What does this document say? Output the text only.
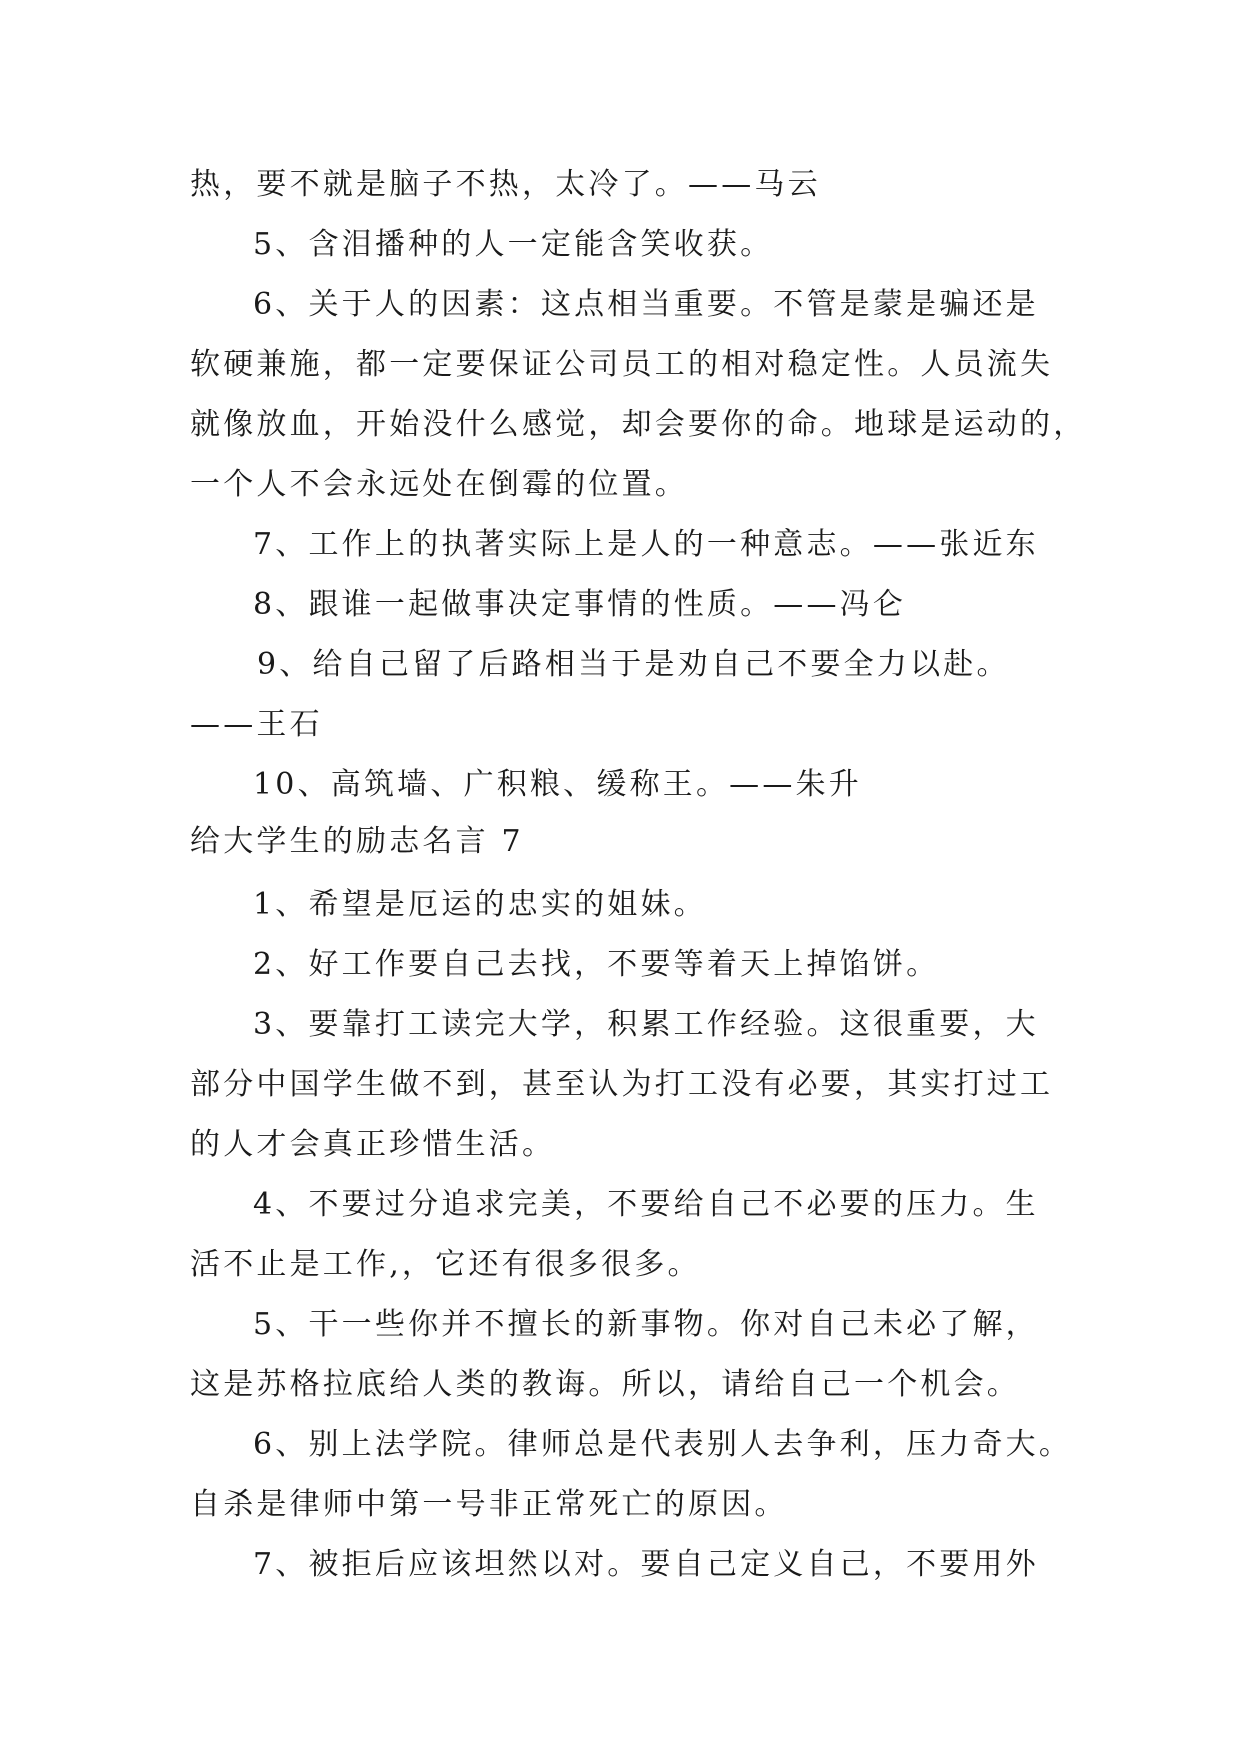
热，要不就是脑子不热，太冷了。——马云
5、含泪播种的人一定能含笑收获。
6、关于人的因素：这点相当重要。不管是蒙是骗还是
软硬兼施，都一定要保证公司员工的相对稳定性。人员流失
就像放血，开始没什么感觉，却会要你的命。地球是运动的，
一个人不会永远处在倒霉的位置。
7、工作上的执著实际上是人的一种意志。——张近东
8、跟谁一起做事决定事情的性质。——冯仑
9、给自己留了后路相当于是劝自己不要全力以赴。
——王石
10、高筑墙、广积粮、缓称王。——朱升
给大学生的励志名言 7
1、希望是厄运的忠实的姐妹。
2、好工作要自己去找，不要等着天上掉馅饼。
3、要靠打工读完大学，积累工作经验。这很重要，大
部分中国学生做不到，甚至认为打工没有必要，其实打过工
的人才会真正珍惜生活。
4、不要过分追求完美，不要给自己不必要的压力。生
活不止是工作,，它还有很多很多。
5、干一些你并不擅长的新事物。你对自己未必了解，
这是苏格拉底给人类的教诲。所以，请给自己一个机会。
6、别上法学院。律师总是代表别人去争利，压力奇大。
自杀是律师中第一号非正常死亡的原因。
7、被拒后应该坦然以对。要自己定义自己，不要用外
